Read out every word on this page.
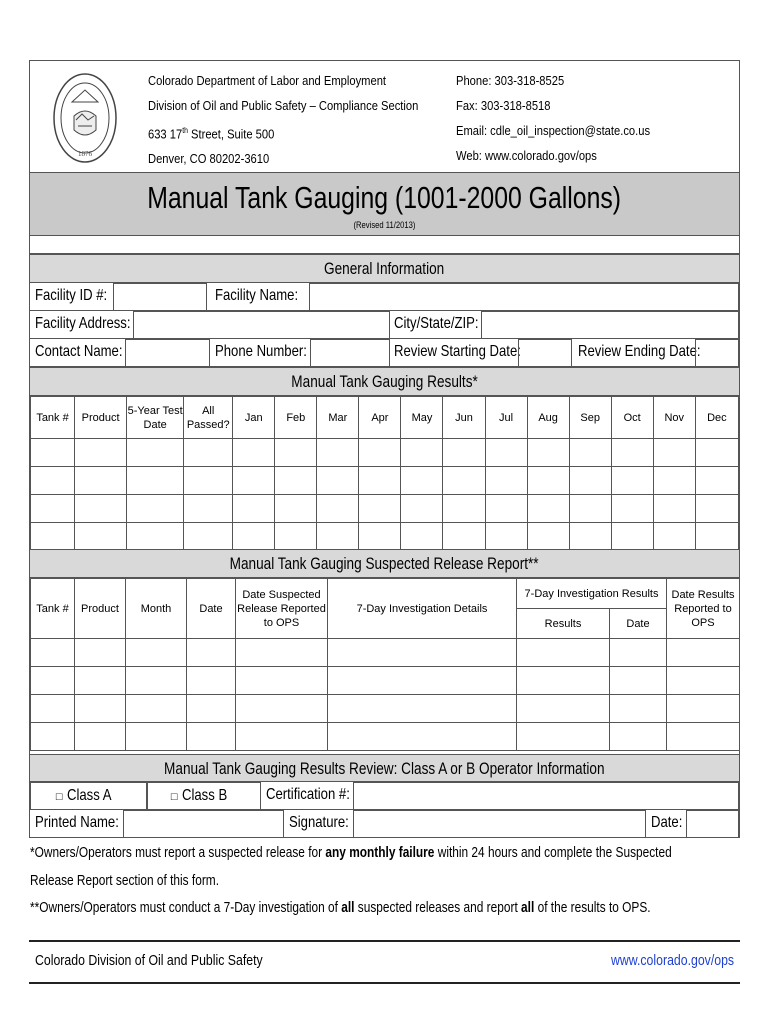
1876
Colorado Department of Labor and Employment
Division of Oil and Public Safety – Compliance Section
633 17th Street, Suite 500
Denver, CO 80202-3610
Phone: 303-318-8525
Fax: 303-318-8518
Email: cdle_oil_inspection@state.co.us
Web: www.colorado.gov/ops
Manual Tank Gauging (1001-2000 Gallons)
(Revised 11/2013)
General Information
Facility ID #:	Facility Name:
Facility Address:	City/State/ZIP:
Contact Name:	Phone Number:	Review Starting Date:	Review Ending Date:
Manual Tank Gauging Results*
Tank #	Product	5-Year Test Date	All Passed?	Jan	Feb	Mar	Apr	May	Jun	Jul	Aug	Sep	Oct	Nov	Dec

Manual Tank Gauging Suspected Release Report**
Tank #	Product	Month	Date	Date Suspected Release Reported to OPS	7-Day Investigation Details	7-Day Investigation Results		Date Results Reported to OPS
						Results	Date	

Manual Tank Gauging Results Review: Class A or B Operator Information
□ Class A	□ Class B	Certification #:
Printed Name:	Signature:	Date:
*Owners/Operators must report a suspected release for any monthly failure within 24 hours and complete the Suspected
Release Report section of this form.
**Owners/Operators must conduct a 7-Day investigation of all suspected releases and report all of the results to OPS.
Colorado Division of Oil and Public Safety	www.colorado.gov/ops
